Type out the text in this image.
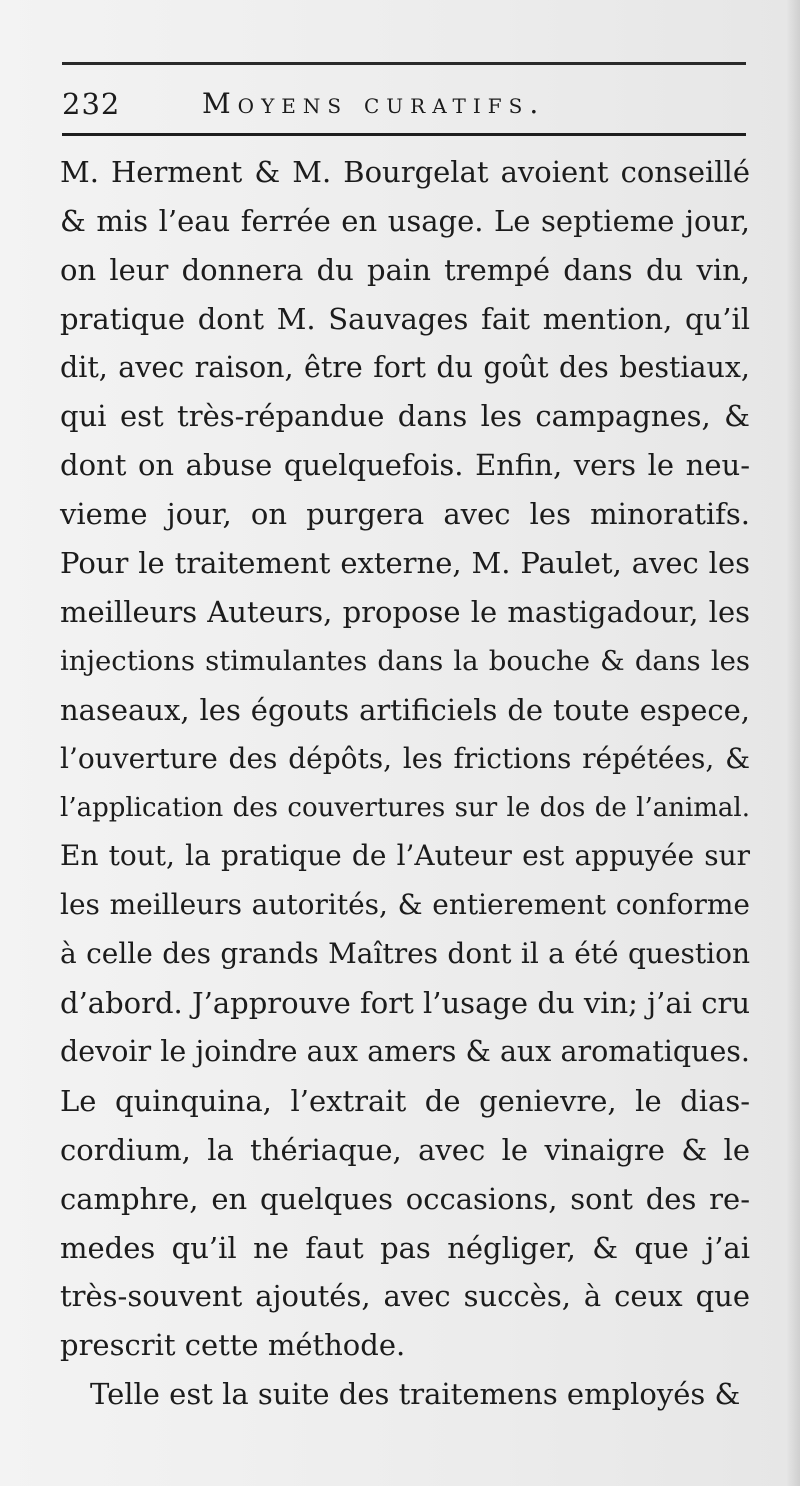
232	Moyens curatifs.
M. Herment & M. Bourgelat avoient conseillé
& mis l’eau ferrée en usage. Le septieme jour,
on leur donnera du pain trempé dans du vin,
pratique dont M. Sauvages fait mention, qu’il
dit, avec raison, être fort du goût des bestiaux,
qui est très-répandue dans les campagnes, &
dont on abuse quelquefois. Enfin, vers le neu-
vieme jour, on purgera avec les minoratifs.
Pour le traitement externe, M. Paulet, avec les
meilleurs Auteurs, propose le mastigadour, les
injections stimulantes dans la bouche & dans les
naseaux, les égouts artificiels de toute espece,
l’ouverture des dépôts, les frictions répétées, &
l’application des couvertures sur le dos de l’animal.
En tout, la pratique de l’Auteur est appuyée sur
les meilleurs autorités, & entierement conforme
à celle des grands Maîtres dont il a été question
d’abord. J’approuve fort l’usage du vin; j’ai cru
devoir le joindre aux amers & aux aromatiques.
Le quinquina, l’extrait de genievre, le dias-
cordium, la thériaque, avec le vinaigre & le
camphre, en quelques occasions, sont des re-
medes qu’il ne faut pas négliger, & que j’ai
très-souvent ajoutés, avec succès, à ceux que
prescrit cette méthode.
Telle est la suite des traitemens employés &
